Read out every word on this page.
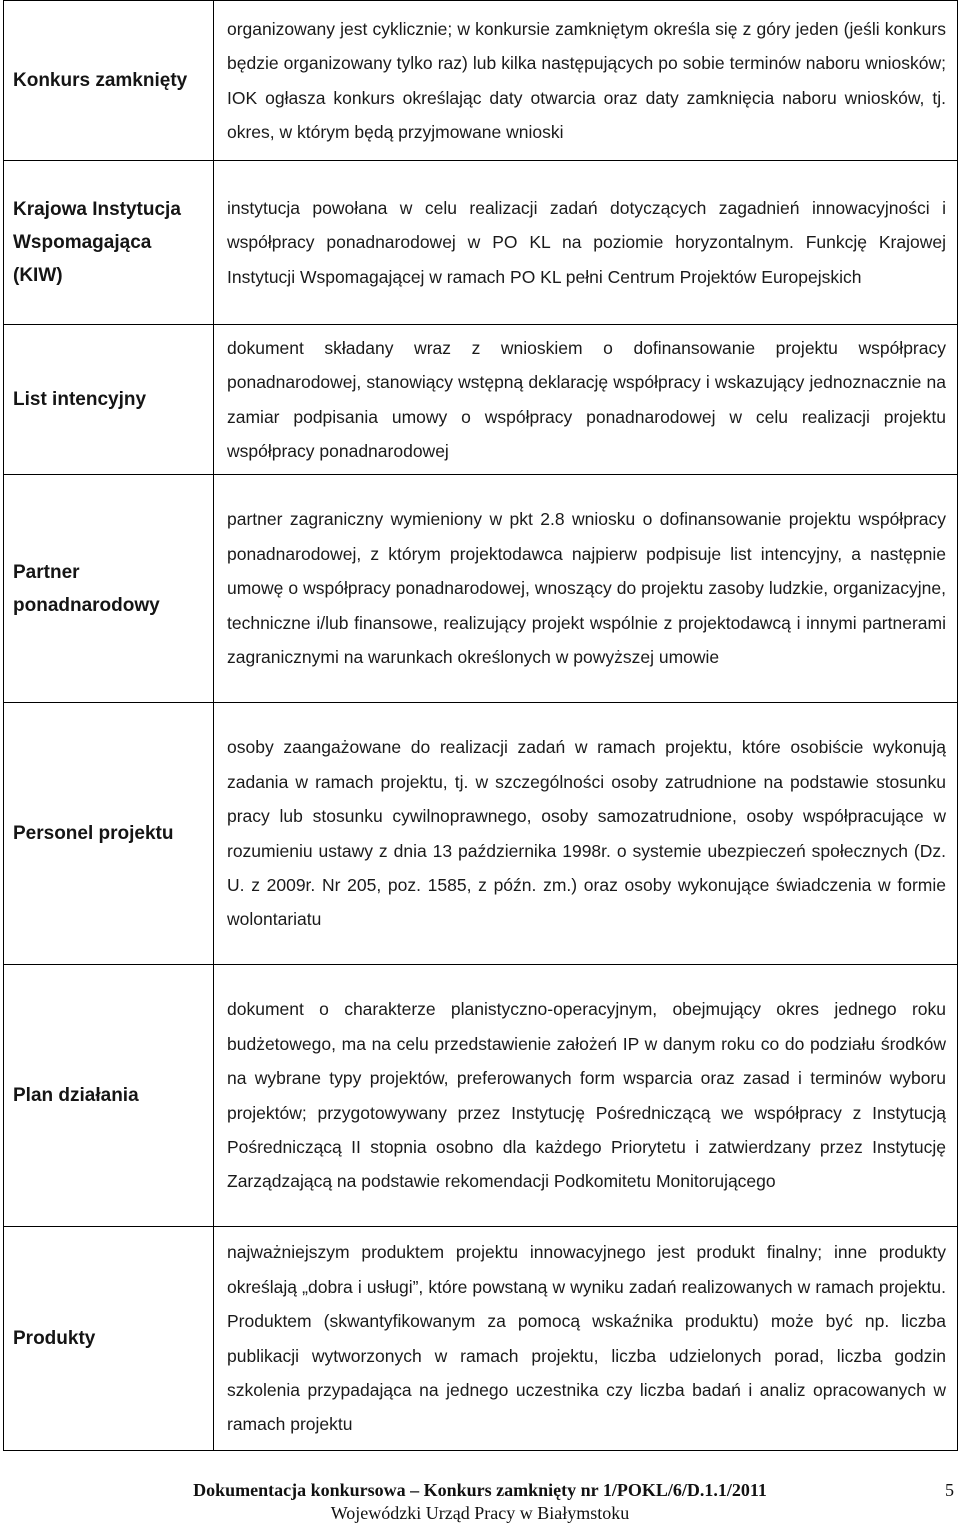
Konkurs zamknięty	organizowany jest cyklicznie; w konkursie zamkniętym określa się z góry jeden (jeśli konkurs będzie organizowany tylko raz) lub kilka następujących po sobie terminów naboru wniosków; IOK ogłasza konkurs określając daty otwarcia oraz daty zamknięcia naboru wniosków, tj. okres, w którym będą przyjmowane wnioski
Krajowa Instytucja Wspomagająca (KIW)	instytucja powołana w celu realizacji zadań dotyczących zagadnień innowacyjności i współpracy ponadnarodowej w PO KL na poziomie horyzontalnym. Funkcję Krajowej Instytucji Wspomagającej w ramach PO KL pełni Centrum Projektów Europejskich
List intencyjny	dokument składany wraz z wnioskiem o dofinansowanie projektu współpracy ponadnarodowej, stanowiący wstępną deklarację współpracy i wskazujący jednoznacznie na zamiar podpisania umowy o współpracy ponadnarodowej w celu realizacji projektu współpracy ponadnarodowej
Partner ponadnarodowy	partner zagraniczny wymieniony w pkt 2.8 wniosku o dofinansowanie projektu współpracy ponadnarodowej, z którym projektodawca najpierw podpisuje list intencyjny, a następnie umowę o współpracy ponadnarodowej, wnoszący do projektu zasoby ludzkie, organizacyjne, techniczne i/lub finansowe, realizujący projekt wspólnie z projektodawcą i innymi partnerami zagranicznymi na warunkach określonych w powyższej umowie
Personel projektu	osoby zaangażowane do realizacji zadań w ramach projektu, które osobiście wykonują zadania w ramach projektu, tj. w szczególności osoby zatrudnione na podstawie stosunku pracy lub stosunku cywilnoprawnego, osoby samozatrudnione, osoby współpracujące w rozumieniu ustawy z dnia 13 października 1998r. o systemie ubezpieczeń społecznych (Dz. U. z 2009r. Nr 205, poz. 1585, z późn. zm.) oraz osoby wykonujące świadczenia w formie wolontariatu
Plan działania	dokument o charakterze planistyczno-operacyjnym, obejmujący okres jednego roku budżetowego, ma na celu przedstawienie założeń IP w danym roku co do podziału środków na wybrane typy projektów, preferowanych form wsparcia oraz zasad i terminów wyboru projektów; przygotowywany przez Instytucję Pośredniczącą we współpracy z Instytucją Pośredniczącą II stopnia osobno dla każdego Priorytetu i zatwierdzany przez Instytucję Zarządzającą na podstawie rekomendacji Podkomitetu Monitorującego
Produkty	najważniejszym produktem projektu innowacyjnego jest produkt finalny; inne produkty określają „dobra i usługi”, które powstaną w wyniku zadań realizowanych w ramach projektu. Produktem (skwantyfikowanym za pomocą wskaźnika produktu) może być np. liczba publikacji wytworzonych w ramach projektu, liczba udzielonych porad, liczba godzin szkolenia przypadająca na jednego uczestnika czy liczba badań i analiz opracowanych w ramach projektu
Dokumentacja konkursowa – Konkurs zamknięty nr 1/POKL/6/D.1.1/2011
Wojewódzki Urząd Pracy w Białymstoku
5
